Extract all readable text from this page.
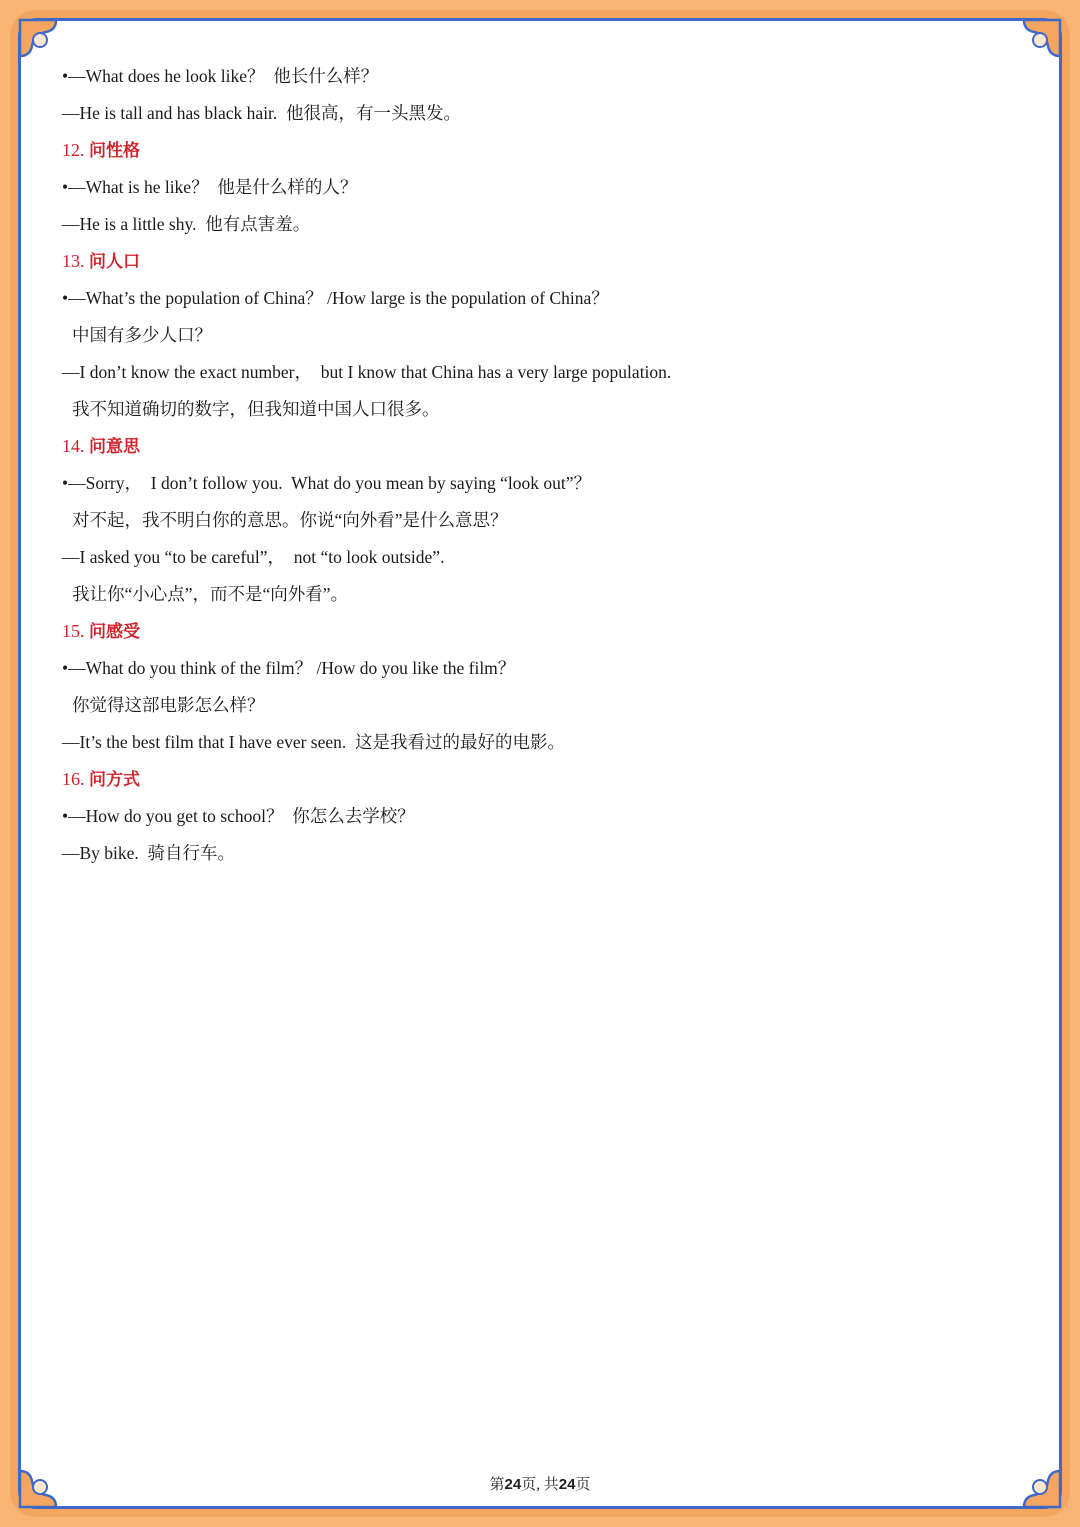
•—What does he look like？  他长什么样？
—He is tall and has black hair.  他很高，有一头黑发。
12. 问性格
•—What is he like？  他是什么样的人？
—He is a little shy.  他有点害羞。
13. 问人口
•—What’s the population of China？ /How large is the population of China？
中国有多少人口？
—I don’t know the exact number，  but I know that China has a very large population.
我不知道确切的数字，但我知道中国人口很多。
14. 问意思
•—Sorry，  I don’t follow you.  What do you mean by saying “look out”？
对不起，我不明白你的意思。你说“向外看”是什么意思？
—I asked you “to be careful”，  not “to look outside”.
我让你“小心点”，而不是“向外看”。
15. 问感受
•—What do you think of the film？ /How do you like the film？
你觉得这部电影怎么样？
—It’s the best film that I have ever seen.  这是我看过的最好的电影。
16. 问方式
•—How do you get to school？  你怎么去学校？
—By bike.  骑自行车。
第24页, 共24页
